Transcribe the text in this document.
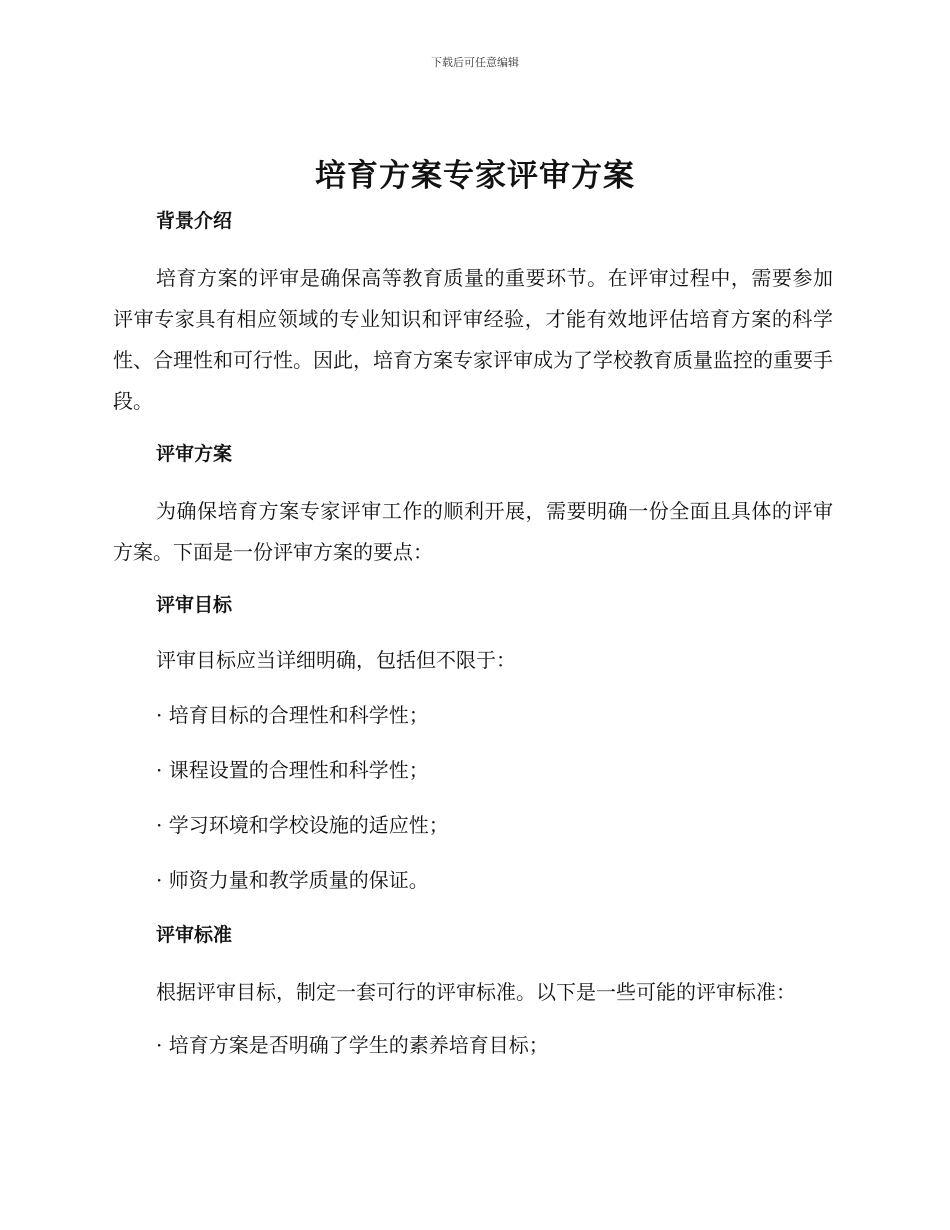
下载后可任意编辑
培育方案专家评审方案
背景介绍
培育方案的评审是确保高等教育质量的重要环节。在评审过程中，需要参加评审专家具有相应领域的专业知识和评审经验，才能有效地评估培育方案的科学性、合理性和可行性。因此，培育方案专家评审成为了学校教育质量监控的重要手段。
评审方案
为确保培育方案专家评审工作的顺利开展，需要明确一份全面且具体的评审方案。下面是一份评审方案的要点：
评审目标
评审目标应当详细明确，包括但不限于：
· 培育目标的合理性和科学性；
· 课程设置的合理性和科学性；
· 学习环境和学校设施的适应性；
· 师资力量和教学质量的保证。
评审标准
根据评审目标，制定一套可行的评审标准。以下是一些可能的评审标准：
· 培育方案是否明确了学生的素养培育目标；
